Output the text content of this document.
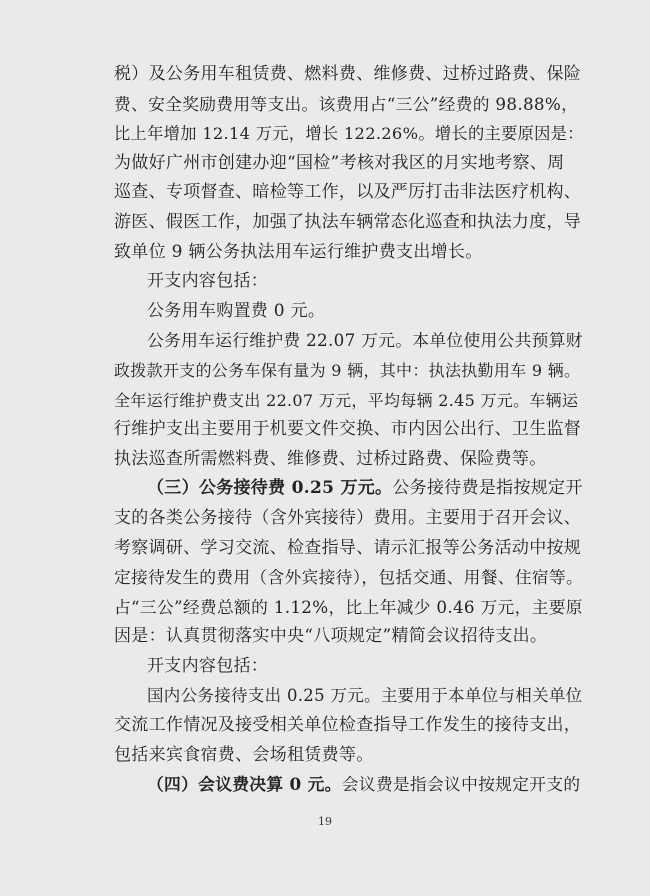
税）及公务用车租赁费、燃料费、维修费、过桥过路费、保险
费、安全奖励费用等支出。该费用占“三公”经费的 98.88%，
比上年增加 12.14 万元，增长 122.26%。增长的主要原因是：
为做好广州市创建办迎“国检”考核对我区的月实地考察、周
巡查、专项督查、暗检等工作，以及严厉打击非法医疗机构、
游医、假医工作，加强了执法车辆常态化巡查和执法力度，导
致单位 9 辆公务执法用车运行维护费支出增长。
开支内容包括：
公务用车购置费 0 元。
公务用车运行维护费 22.07 万元。本单位使用公共预算财
政拨款开支的公务车保有量为 9 辆，其中：执法执勤用车 9 辆。
全年运行维护费支出 22.07 万元，平均每辆 2.45 万元。车辆运
行维护支出主要用于机要文件交换、市内因公出行、卫生监督
执法巡查所需燃料费、维修费、过桥过路费、保险费等。
（三）公务接待费 0.25 万元。公务接待费是指按规定开
支的各类公务接待（含外宾接待）费用。主要用于召开会议、
考察调研、学习交流、检查指导、请示汇报等公务活动中按规
定接待发生的费用（含外宾接待），包括交通、用餐、住宿等。
占“三公”经费总额的 1.12%，比上年减少 0.46 万元，主要原
因是：认真贯彻落实中央“八项规定”精简会议招待支出。
开支内容包括：
国内公务接待支出 0.25 万元。主要用于本单位与相关单位
交流工作情况及接受相关单位检查指导工作发生的接待支出，
包括来宾食宿费、会场租赁费等。
（四）会议费决算 0 元。会议费是指会议中按规定开支的
19
